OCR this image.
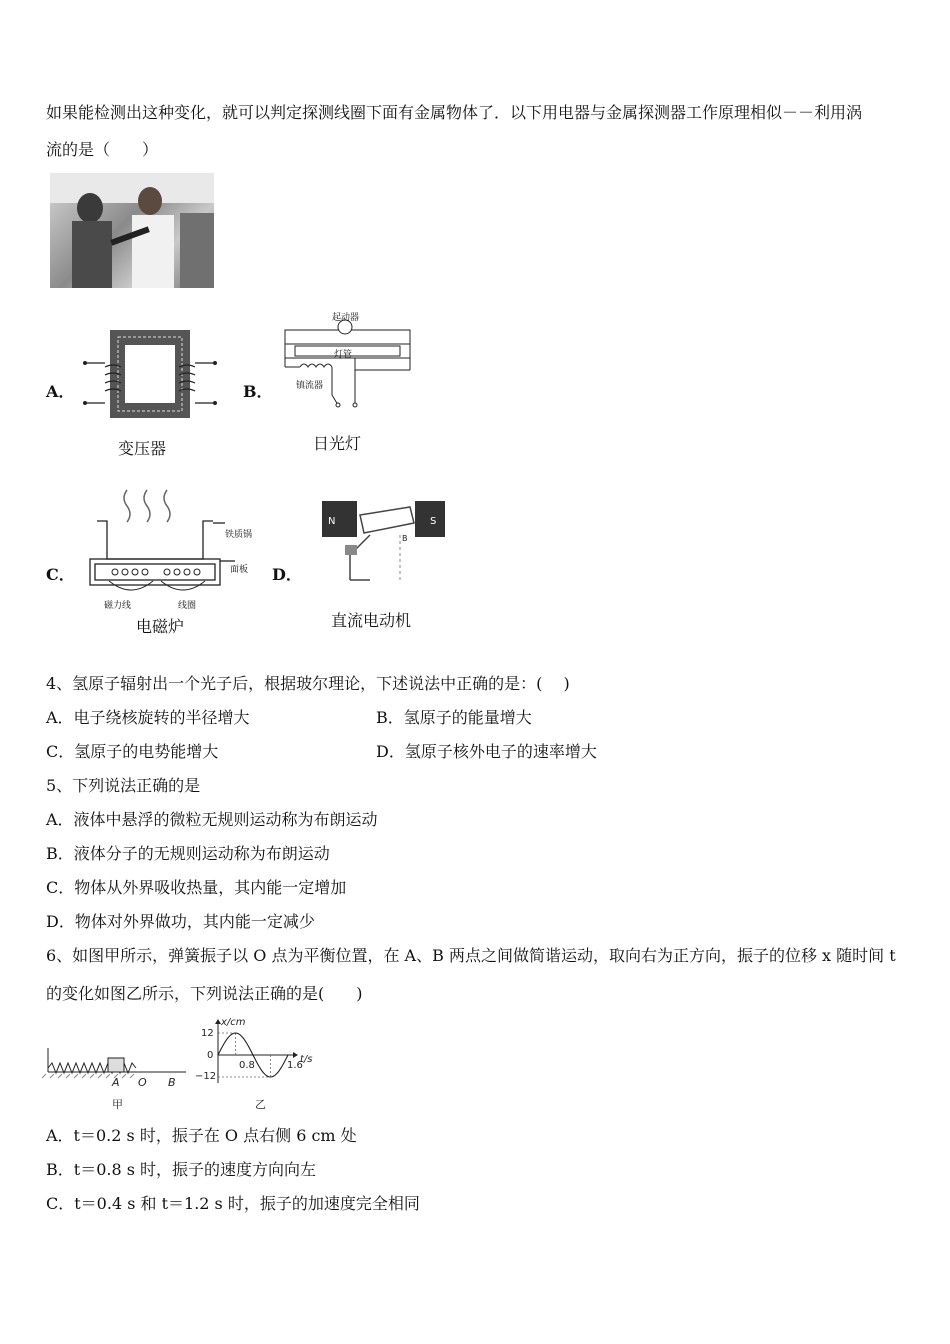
如果能检测出这种变化，就可以判定探测线圈下面有金属物体了．以下用电器与金属探测器工作原理相似－－利用涡
流的是（　　）
A．
变压器
B．
起动器
灯管
镇流器
日光灯
C．
铁质锅
面板
磁力线	线圈
电磁炉
D．
N	S
B
直流电动机
4、氢原子辐射出一个光子后，根据玻尔理论，下述说法中正确的是：(　 )
A．电子绕核旋转的半径增大	B．氢原子的能量增大
C．氢原子的电势能增大	D．氢原子核外电子的速率增大
5、下列说法正确的是
A．液体中悬浮的微粒无规则运动称为布朗运动
B．液体分子的无规则运动称为布朗运动
C．物体从外界吸收热量，其内能一定增加
D．物体对外界做功，其内能一定减少
6、如图甲所示，弹簧振子以 O 点为平衡位置，在 A、B 两点之间做简谐运动，取向右为正方向，振子的位移 x 随时间 t
的变化如图乙所示，下列说法正确的是(　　)
A O B
甲
x/cm
t/s
12
0
−12
0.8	1.6
乙
A．t＝0.2 s 时，振子在 O 点右侧 6 cm 处
B．t＝0.8 s 时，振子的速度方向向左
C．t＝0.4 s 和 t＝1.2 s 时，振子的加速度完全相同
